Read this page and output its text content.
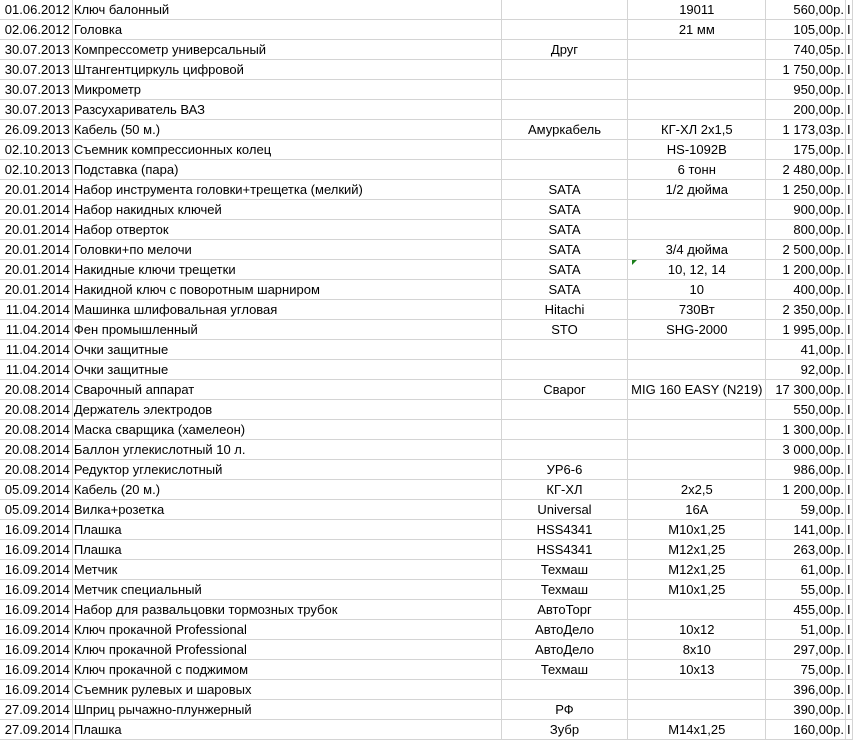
01.06.2012	Ключ балонный		19011	560,00р.	I
02.06.2012	Головка		21 мм	105,00р.	I
30.07.2013	Компрессометр универсальный	Друг		740,05р.	I
30.07.2013	Штангентциркуль цифровой			1 750,00р.	I
30.07.2013	Микрометр			950,00р.	I
30.07.2013	Разсухариватель ВАЗ			200,00р.	I
26.09.2013	Кабель (50 м.)	Амуркабель	КГ-ХЛ 2х1,5	1 173,03р.	I
02.10.2013	Съемник компрессионных колец		HS-1092B	175,00р.	I
02.10.2013	Подставка (пара)		6 тонн	2 480,00р.	I
20.01.2014	Набор инструмента головки+трещетка (мелкий)	SATA	1/2 дюйма	1 250,00р.	I
20.01.2014	Набор накидных ключей	SATA		900,00р.	I
20.01.2014	Набор отверток	SATA		800,00р.	I
20.01.2014	Головки+по мелочи	SATA	3/4 дюйма	2 500,00р.	I
20.01.2014	Накидные ключи трещетки	SATA	10, 12, 14	1 200,00р.	I
20.01.2014	Накидной ключ с поворотным шарниром	SATA	10	400,00р.	I
11.04.2014	Машинка шлифовальная угловая	Hitachi	730Вт	2 350,00р.	I
11.04.2014	Фен промышленный	STO	SHG-2000	1 995,00р.	I
11.04.2014	Очки защитные			41,00р.	I
11.04.2014	Очки защитные			92,00р.	I
20.08.2014	Сварочный аппарат	Сварог	MIG 160 EASY (N219)	17 300,00р.	I
20.08.2014	Держатель электродов			550,00р.	I
20.08.2014	Маска сварщика (хамелеон)			1 300,00р.	I
20.08.2014	Баллон углекислотный 10 л.			3 000,00р.	I
20.08.2014	Редуктор углекислотный	УР6-6		986,00р.	I
05.09.2014	Кабель (20 м.)	КГ-ХЛ	2х2,5	1 200,00р.	I
05.09.2014	Вилка+розетка	Universal	16A	59,00р.	I
16.09.2014	Плашка	HSS4341	M10x1,25	141,00р.	I
16.09.2014	Плашка	HSS4341	M12x1,25	263,00р.	I
16.09.2014	Метчик	Техмаш	M12x1,25	61,00р.	I
16.09.2014	Метчик специальный	Техмаш	M10x1,25	55,00р.	I
16.09.2014	Набор для развальцовки тормозных трубок	АвтоТорг		455,00р.	I
16.09.2014	Ключ прокачной Professional	АвтоДело	10x12	51,00р.	I
16.09.2014	Ключ прокачной Professional	АвтоДело	8x10	297,00р.	I
16.09.2014	Ключ прокачной с поджимом	Техмаш	10x13	75,00р.	I
16.09.2014	Съемник рулевых и шаровых			396,00р.	I
27.09.2014	Шприц рычажно-плунжерный	РФ		390,00р.	I
27.09.2014	Плашка	Зубр	M14x1,25	160,00р.	I
